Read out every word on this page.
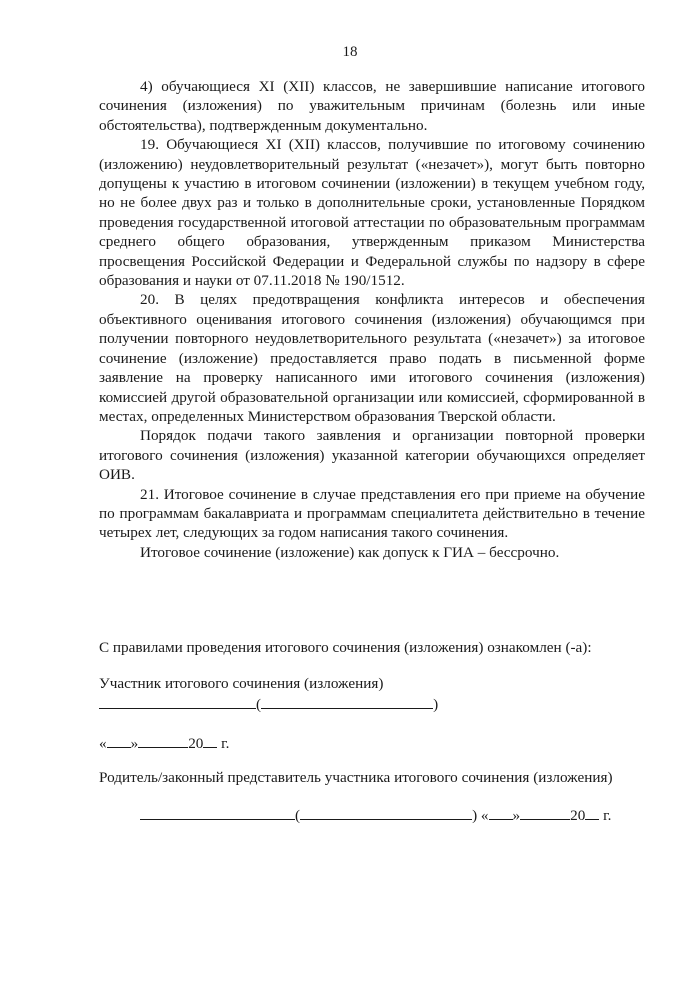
18

4) обучающиеся XI (XII) классов, не завершившие написание итогового сочинения (изложения) по уважительным причинам (болезнь или иные обстоятельства), подтвержденным документально.

19. Обучающиеся XI (XII) классов, получившие по итоговому сочинению (изложению) неудовлетворительный результат («незачет»), могут быть повторно допущены к участию в итоговом сочинении (изложении) в текущем учебном году, но не более двух раз и только в дополнительные сроки, установленные Порядком проведения государственной итоговой аттестации по образовательным программам среднего общего образования, утвержденным приказом Министерства просвещения Российской Федерации и Федеральной службы по надзору в сфере образования и науки от 07.11.2018 № 190/1512.

20. В целях предотвращения конфликта интересов и обеспечения объективного оценивания итогового сочинения (изложения) обучающимся при получении повторного неудовлетворительного результата («незачет») за итоговое сочинение (изложение) предоставляется право подать в письменной форме заявление на проверку написанного ими итогового сочинения (изложения) комиссией другой образовательной организации или комиссией, сформированной в местах, определенных Министерством образования Тверской области.

Порядок подачи такого заявления и организации повторной проверки итогового сочинения (изложения) указанной категории обучающихся определяет ОИВ.

21. Итоговое сочинение в случае представления его при приеме на обучение по программам бакалавриата и программам специалитета действительно в течение четырех лет, следующих за годом написания такого сочинения.

Итоговое сочинение (изложение) как допуск к ГИА – бессрочно.

С правилами проведения итогового сочинения (изложения) ознакомлен (-а):
Участник итогового сочинения (изложения)
(	)
« »	20 г.
Родитель/законный представитель участника итогового сочинения (изложения)
(	) « »	20 г.
